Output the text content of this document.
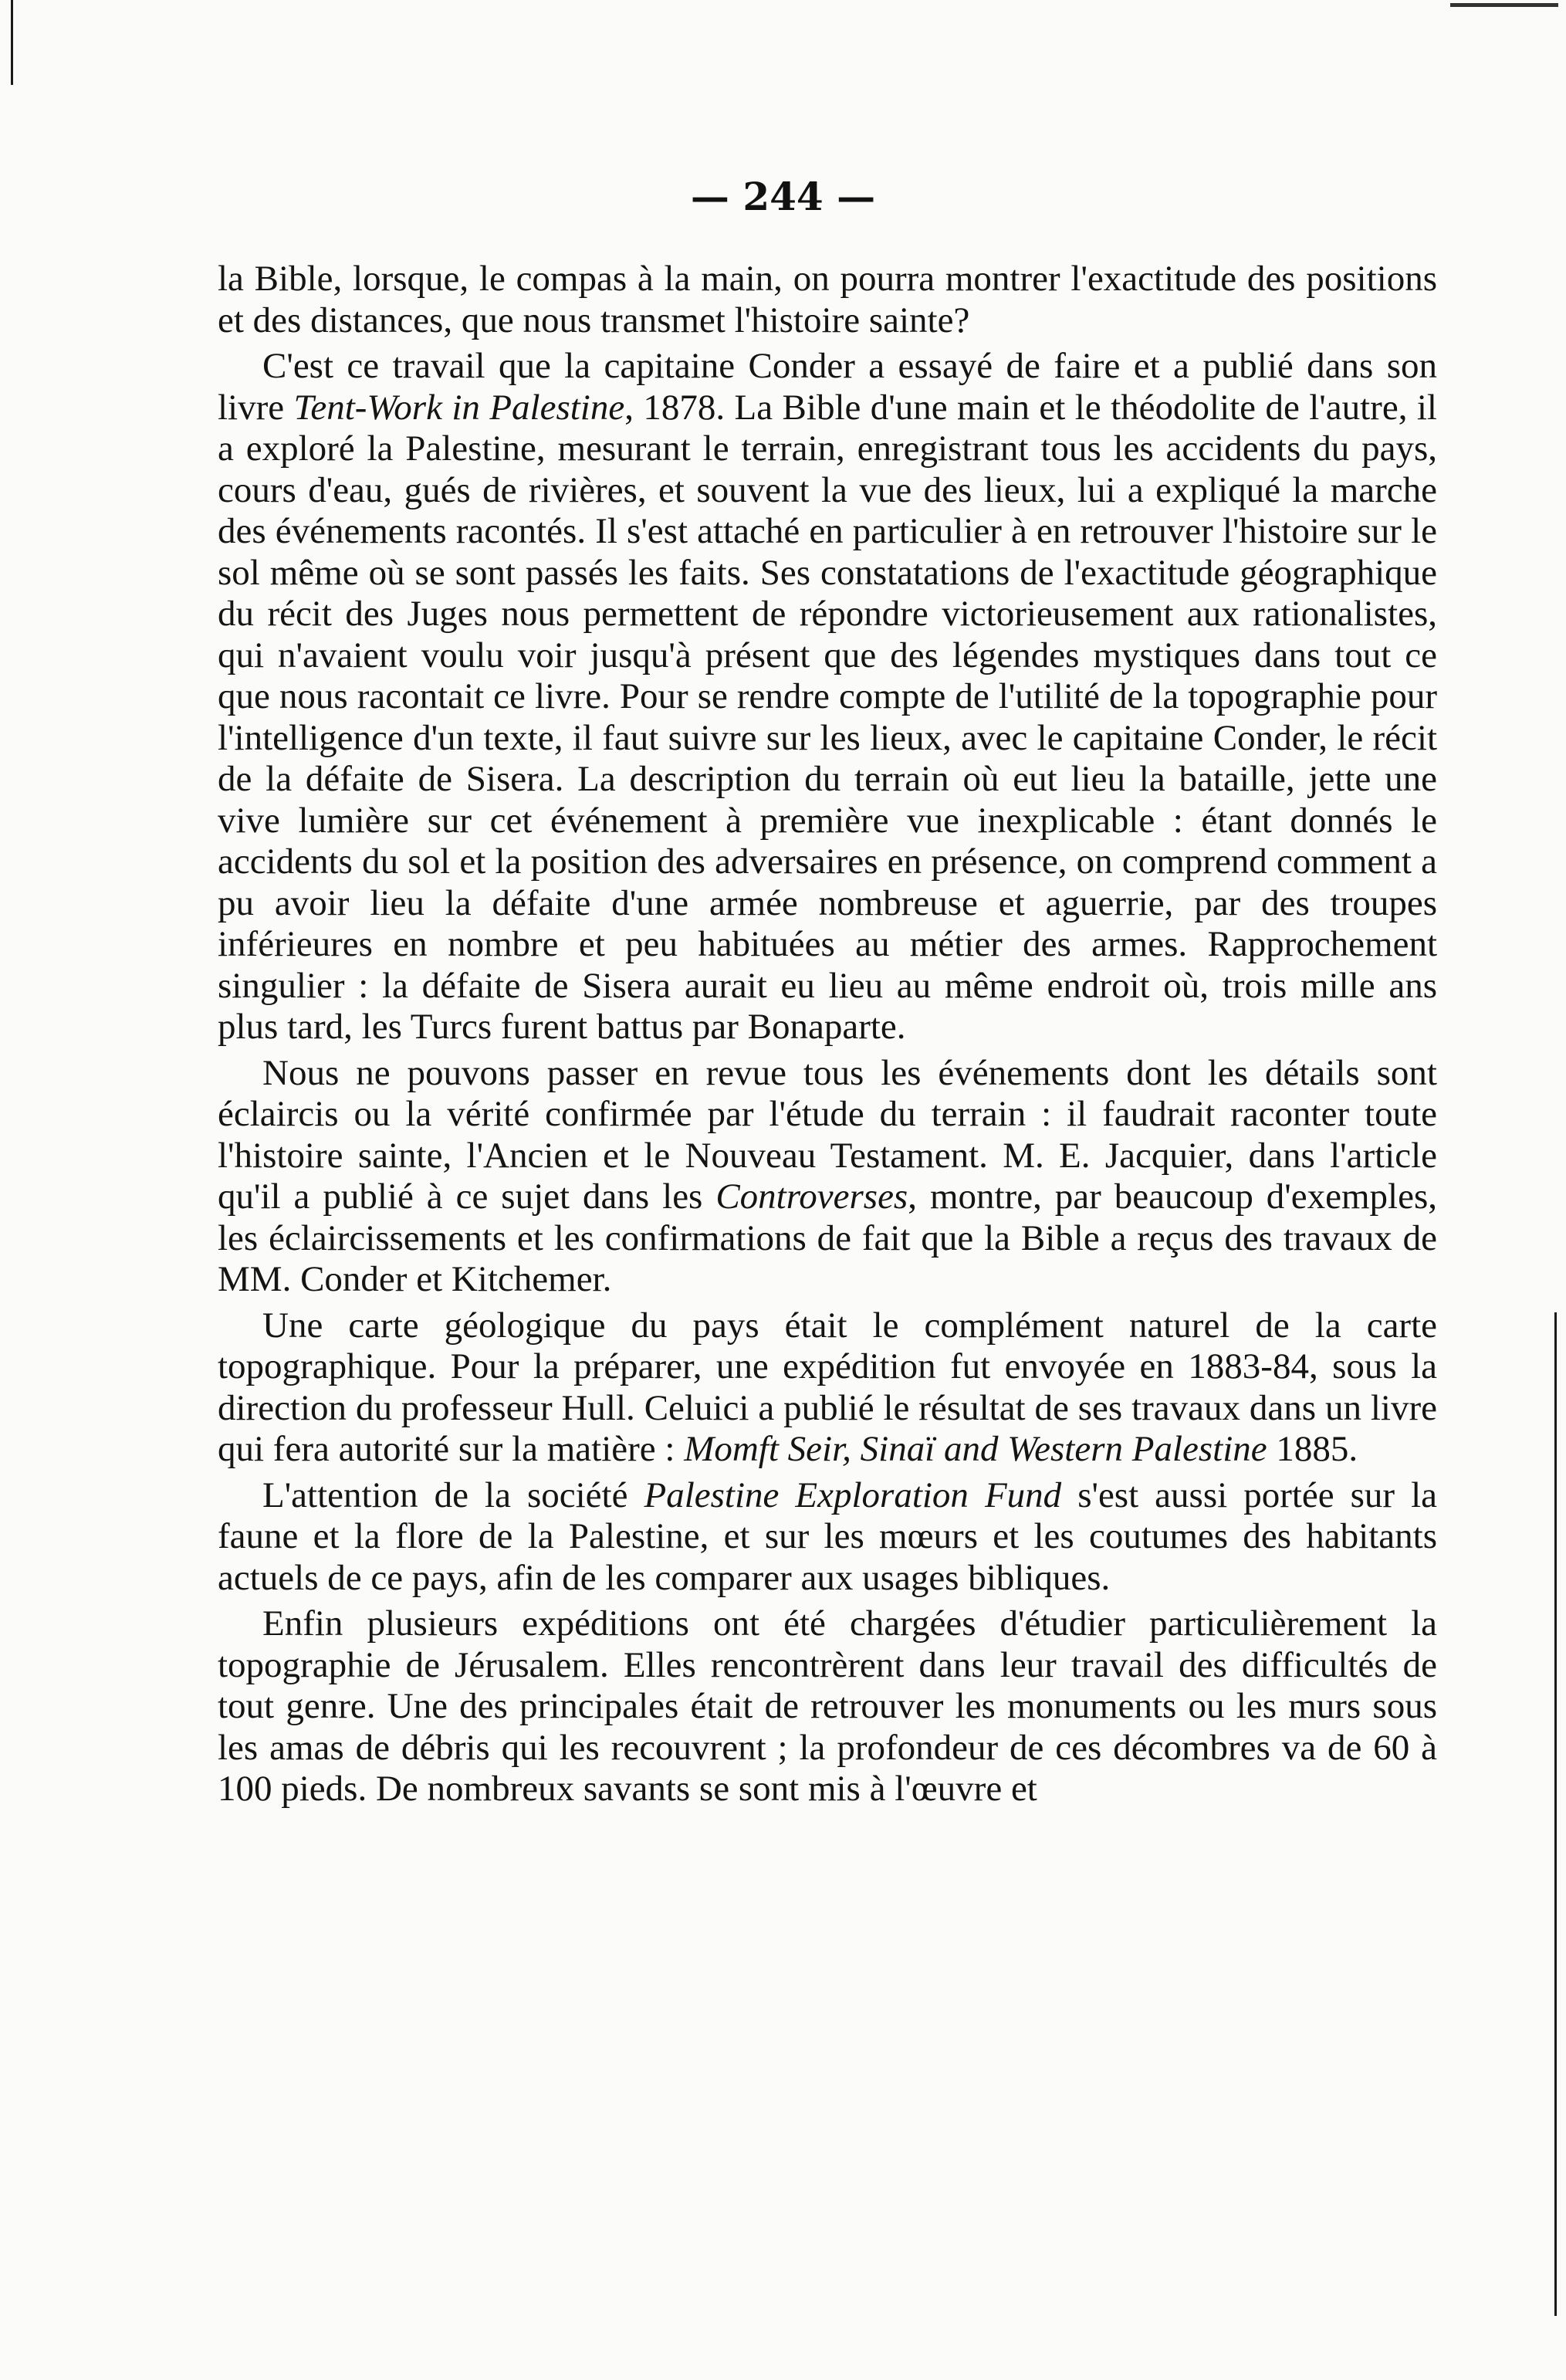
— 244 —

la Bible, lorsque, le compas à la main, on pourra montrer l'exactitude des positions et des distances, que nous transmet l'histoire sainte?

C'est ce travail que la capitaine Conder a essayé de faire et a publié dans son livre Tent-Work in Palestine, 1878. La Bible d'une main et le théodolite de l'autre, il a exploré la Palestine, mesurant le terrain, enregistrant tous les accidents du pays, cours d'eau, gués de rivières, et souvent la vue des lieux, lui a expliqué la marche des événements racontés. Il s'est attaché en particulier à en retrouver l'histoire sur le sol même où se sont passés les faits. Ses constatations de l'exactitude géographique du récit des Juges nous permettent de répondre victorieusement aux rationalistes, qui n'avaient voulu voir jusqu'à présent que des légendes mystiques dans tout ce que nous racontait ce livre. Pour se rendre compte de l'utilité de la topographie pour l'intelligence d'un texte, il faut suivre sur les lieux, avec le capitaine Conder, le récit de la défaite de Sisera. La description du terrain où eut lieu la bataille, jette une vive lumière sur cet événement à première vue inexplicable : étant donnés le accidents du sol et la position des adversaires en présence, on comprend comment a pu avoir lieu la défaite d'une armée nombreuse et aguerrie, par des troupes inférieures en nombre et peu habituées au métier des armes. Rapprochement singulier : la défaite de Sisera aurait eu lieu au même endroit où, trois mille ans plus tard, les Turcs furent battus par Bonaparte.

Nous ne pouvons passer en revue tous les événements dont les détails sont éclaircis ou la vérité confirmée par l'étude du terrain : il faudrait raconter toute l'histoire sainte, l'Ancien et le Nouveau Testament. M. E. Jacquier, dans l'article qu'il a publié à ce sujet dans les Controverses, montre, par beaucoup d'exemples, les éclaircissements et les confirmations de fait que la Bible a reçus des travaux de MM. Conder et Kitchemer.

Une carte géologique du pays était le complément naturel de la carte topographique. Pour la préparer, une expédition fut envoyée en 1883-84, sous la direction du professeur Hull. Celuici a publié le résultat de ses travaux dans un livre qui fera autorité sur la matière : Momft Seir, Sinaï and Western Palestine 1885.

L'attention de la société Palestine Exploration Fund s'est aussi portée sur la faune et la flore de la Palestine, et sur les mœurs et les coutumes des habitants actuels de ce pays, afin de les comparer aux usages bibliques.

Enfin plusieurs expéditions ont été chargées d'étudier particulièrement la topographie de Jérusalem. Elles rencontrèrent dans leur travail des difficultés de tout genre. Une des principales était de retrouver les monuments ou les murs sous les amas de débris qui les recouvrent ; la profondeur de ces décombres va de 60 à 100 pieds. De nombreux savants se sont mis à l'œuvre et
